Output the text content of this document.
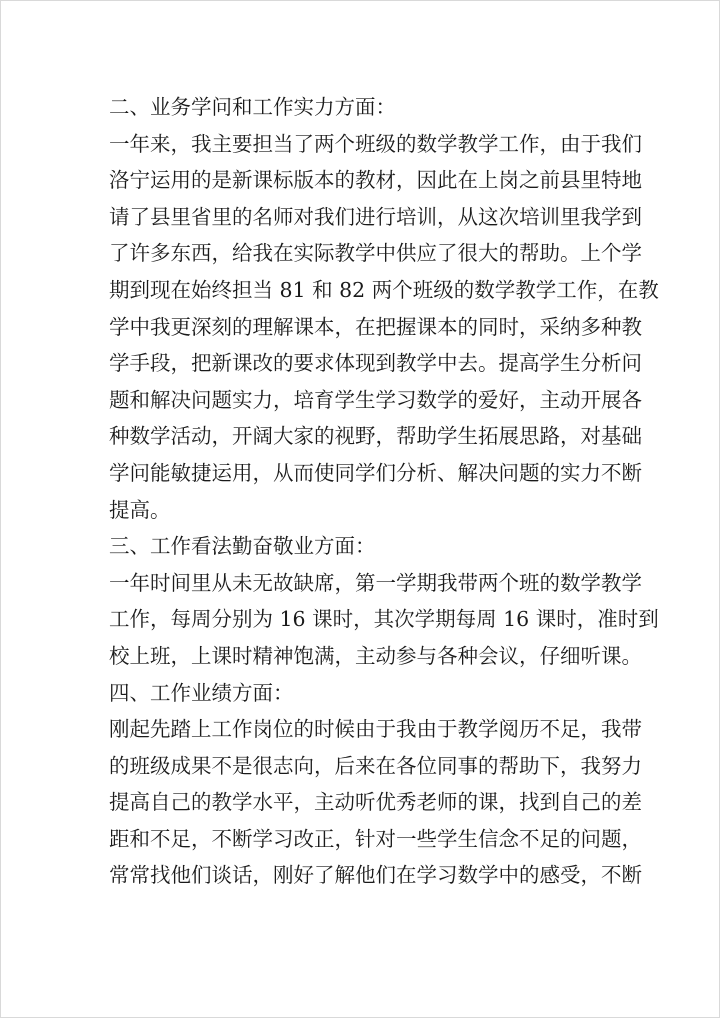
二、业务学问和工作实力方面：
一年来，我主要担当了两个班级的数学教学工作，由于我们
洛宁运用的是新课标版本的教材，因此在上岗之前县里特地
请了县里省里的名师对我们进行培训，从这次培训里我学到
了许多东西，给我在实际教学中供应了很大的帮助。上个学
期到现在始终担当 81 和 82 两个班级的数学教学工作，在教
学中我更深刻的理解课本，在把握课本的同时，采纳多种教
学手段，把新课改的要求体现到教学中去。提高学生分析问
题和解决问题实力，培育学生学习数学的爱好，主动开展各
种数学活动，开阔大家的视野，帮助学生拓展思路，对基础
学问能敏捷运用，从而使同学们分析、解决问题的实力不断
提高。
三、工作看法勤奋敬业方面：
一年时间里从未无故缺席，第一学期我带两个班的数学教学
工作，每周分别为 16 课时，其次学期每周 16 课时，准时到
校上班，上课时精神饱满，主动参与各种会议，仔细听课。
四、工作业绩方面：
刚起先踏上工作岗位的时候由于我由于教学阅历不足，我带
的班级成果不是很志向，后来在各位同事的帮助下，我努力
提高自己的教学水平，主动听优秀老师的课，找到自己的差
距和不足，不断学习改正，针对一些学生信念不足的问题，
常常找他们谈话，刚好了解他们在学习数学中的感受，不断
